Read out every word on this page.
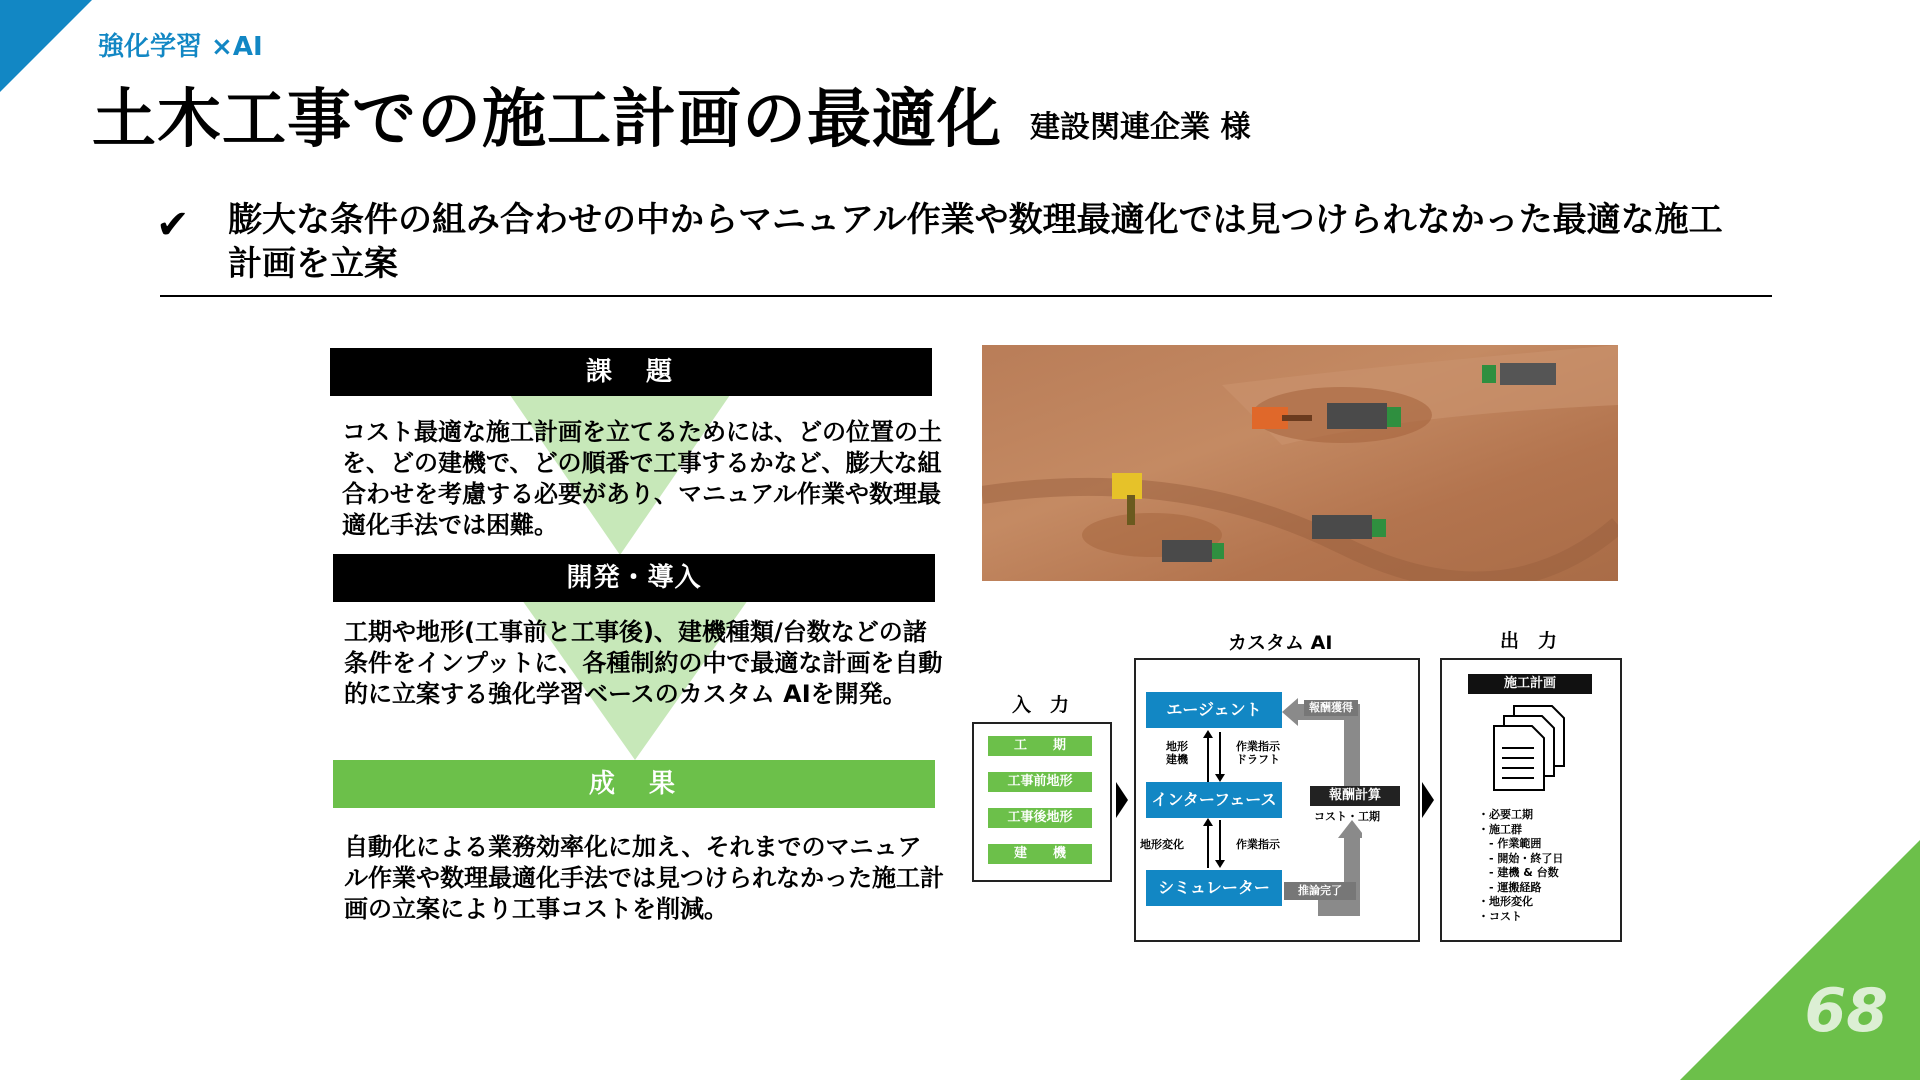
強化学習 ×AI
土木工事での施工計画の最適化 建設関連企業 様
✔ 膨大な条件の組み合わせの中からマニュアル作業や数理最適化では見つけられなかった最適な施工計画を立案
課　題
コスト最適な施工計画を立てるためには、どの位置の土を、どの建機で、どの順番で工事するかなど、膨大な組合わせを考慮する必要があり、マニュアル作業や数理最適化手法では困難。
開発・導入
工期や地形(工事前と工事後)、建機種類/台数などの諸条件をインプットに、各種制約の中で最適な計画を自動的に立案する強化学習ベースのカスタム AIを開発。
成　果
自動化による業務効率化に加え、それまでのマニュアル作業や数理最適化手法では見つけられなかった施工計画の立案により工事コストを削減。
入　力
工　　期
工事前地形
工事後地形
建　　機
カスタム AI
エージェント
インターフェース
シミュレーター
地形
建機
作業指示
ドラフト
地形変化	作業指示
報酬獲得
報酬計算
コスト・工期
推論完了
出　力
施工計画
・必要工期
・施工群
　- 作業範囲
　- 開始・終了日
　- 建機 & 台数
　- 運搬経路
・地形変化
・コスト
68
